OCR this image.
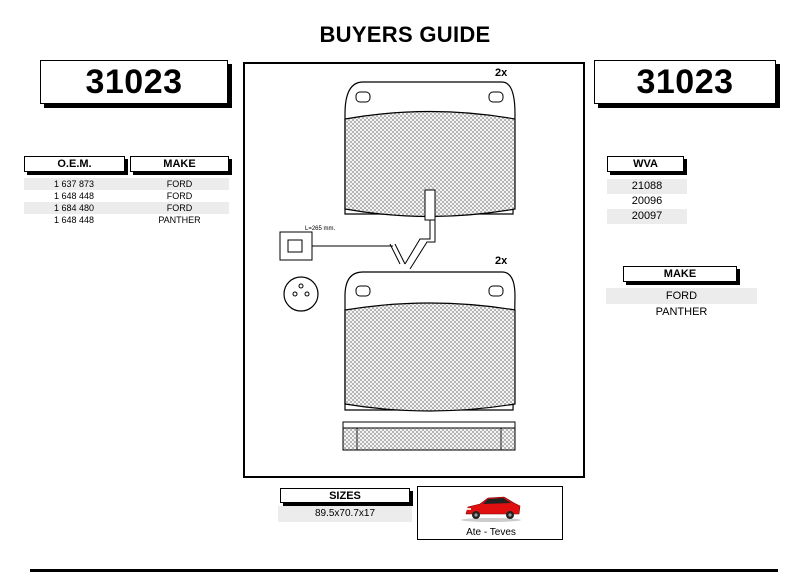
BUYERS GUIDE
31023	31023
O.E.M.	MAKE
1 637 873	FORD
1 648 448	FORD
1 684 480	FORD
1 648 448	PANTHER
WVA
21088
20096
20097
MAKE
FORD
PANTHER
2x
L=265 mm.
2x
SIZES
89.5x70.7x17
Ate - Teves
